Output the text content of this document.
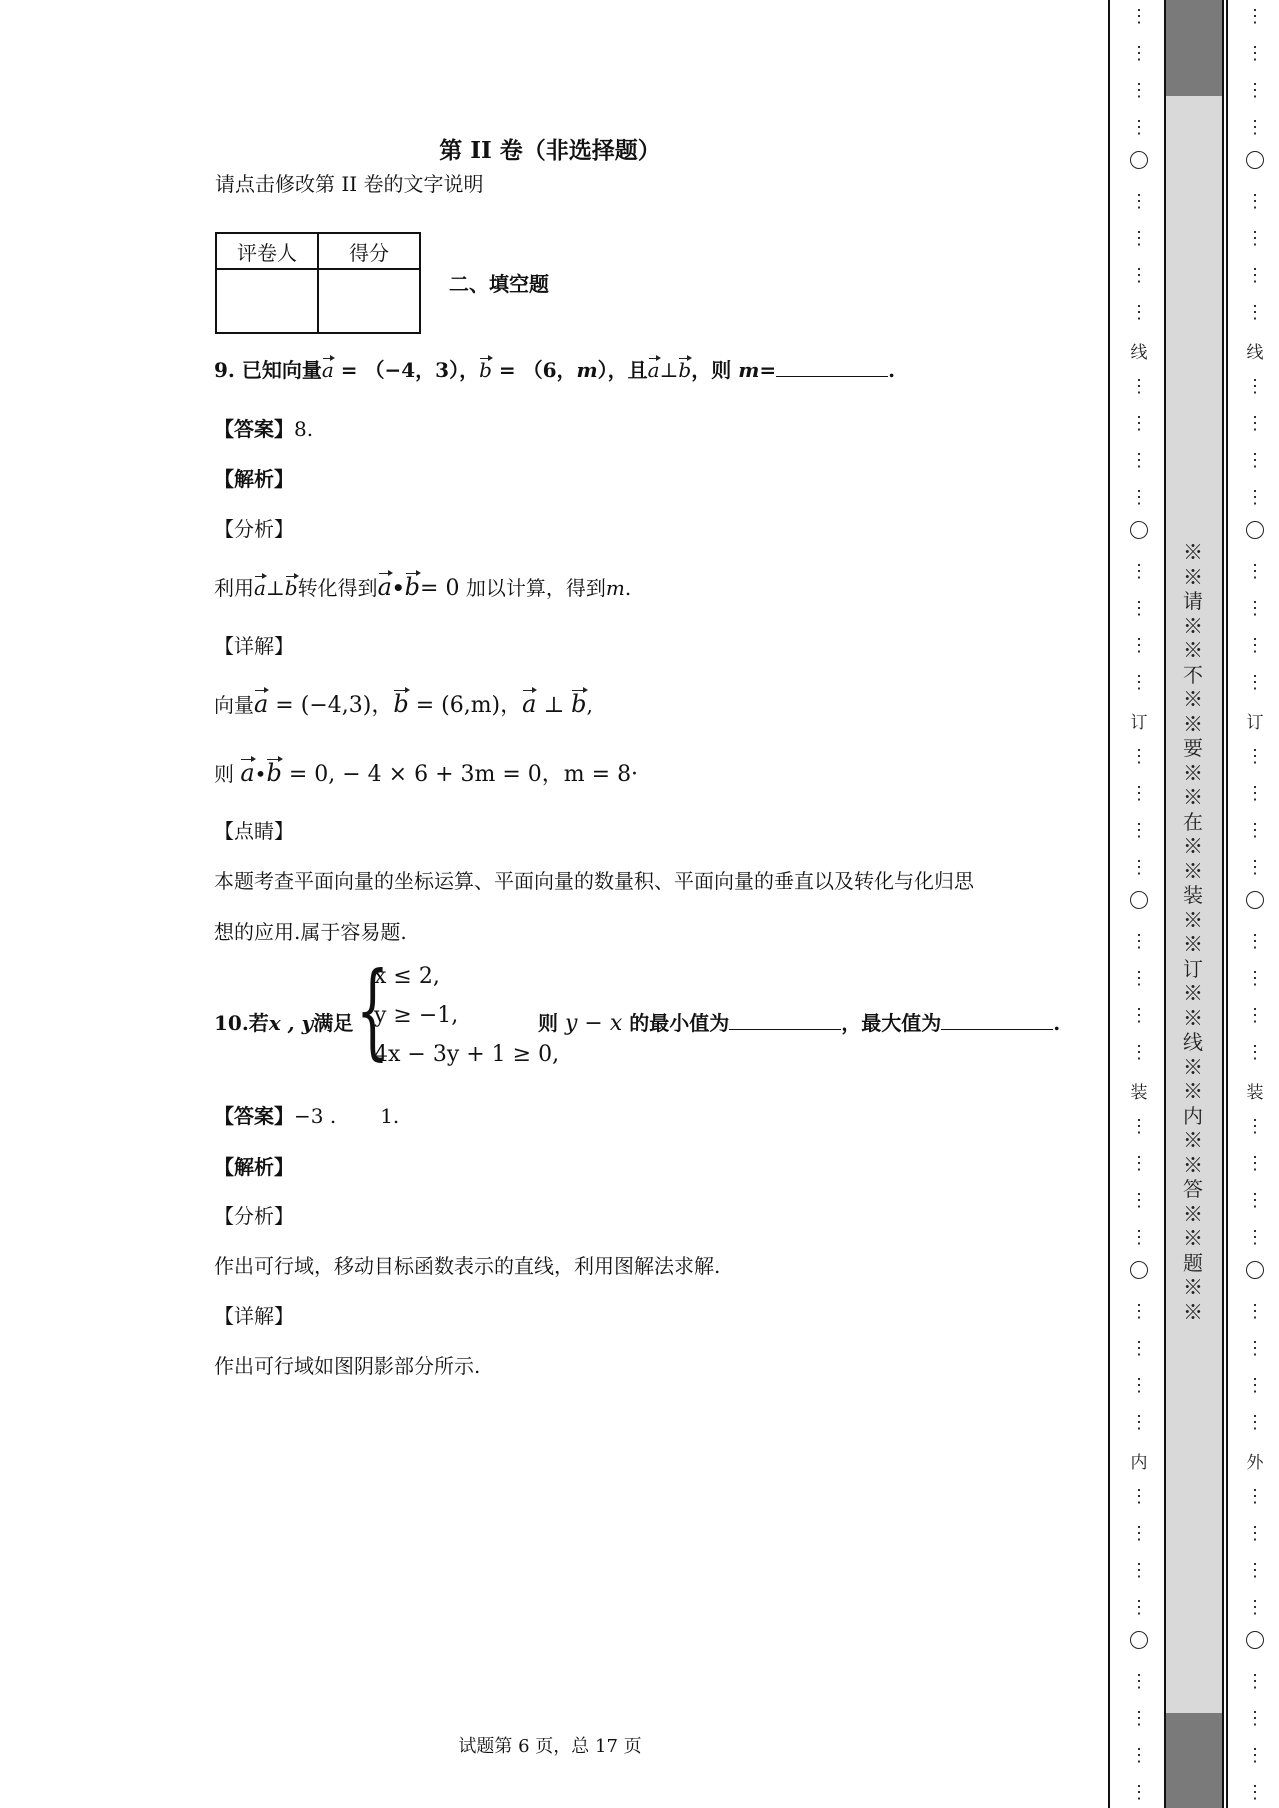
第 II 卷（非选择题）
请点击修改第 II 卷的文字说明
评卷人	得分

二、填空题
9. 已知向量a = （−4，3），b = （6，m），且a⊥b，则 m=	.
【答案】8.
【解析】
【分析】
利用a⊥b转化得到a•b= 0 加以计算，得到m.
【详解】
向量a = (−4,3)，b = (6,m)，a ⊥ b,
则 a•b = 0, − 4 × 6 + 3m = 0，m = 8·
【点睛】
本题考查平面向量的坐标运算、平面向量的数量积、平面向量的垂直以及转化与化归思
想的应用.属于容易题.
10.若x , y满足 {
x ≤ 2,
y ≥ −1,
4x − 3y + 1 ≥ 0,
则 y − x 的最小值为	，最大值为	.
【答案】−3 . 1.
【解析】
【分析】
作出可行域，移动目标函数表示的直线，利用图解法求解.
【详解】
作出可行域如图阴影部分所示.
试题第 6 页，总 17 页
线
订
装
内
⋮
⋮
⋮
⋮
⋮
⋮
⋮
⋮
⋮
⋮
⋮
⋮
⋮
⋮
⋮
⋮
⋮
⋮
⋮
⋮
⋮
⋮
⋮
⋮
⋮
⋮
⋮
⋮
⋮
⋮
⋮
⋮
⋮
⋮
⋮
⋮
⋮
⋮
⋮
⋮
线
订
装
外
⋮
⋮
⋮
⋮
⋮
⋮
⋮
⋮
⋮
⋮
⋮
⋮
⋮
⋮
⋮
⋮
⋮
⋮
⋮
⋮
⋮
⋮
⋮
⋮
⋮
⋮
⋮
⋮
⋮
⋮
⋮
⋮
⋮
⋮
⋮
⋮
⋮
⋮
⋮
⋮
※※请※※不※※要※※在※※装※※订※※线※※内※※答※※题※※
